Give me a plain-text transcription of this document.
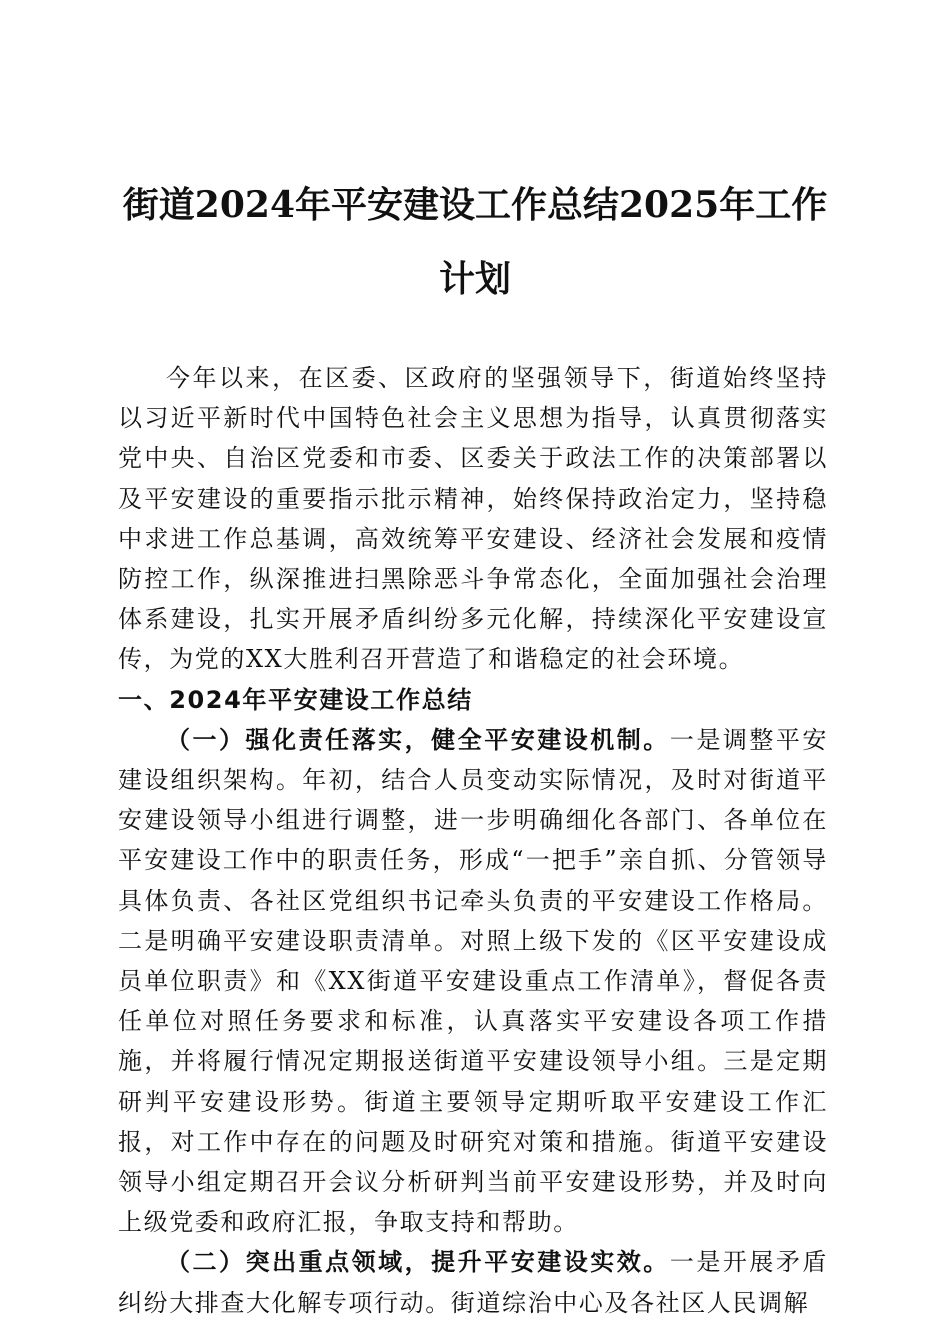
街道2024年平安建设工作总结2025年工作计划

今年以来，在区委、区政府的坚强领导下，街道始终坚持以习近平新时代中国特色社会主义思想为指导，认真贯彻落实党中央、自治区党委和市委、区委关于政法工作的决策部署以及平安建设的重要指示批示精神，始终保持政治定力，坚持稳中求进工作总基调，高效统筹平安建设、经济社会发展和疫情防控工作，纵深推进扫黑除恶斗争常态化，全面加强社会治理体系建设，扎实开展矛盾纠纷多元化解，持续深化平安建设宣传，为党的XX大胜利召开营造了和谐稳定的社会环境。

一、2024年平安建设工作总结

（一）强化责任落实，健全平安建设机制。一是调整平安建设组织架构。年初，结合人员变动实际情况，及时对街道平安建设领导小组进行调整，进一步明确细化各部门、各单位在平安建设工作中的职责任务，形成“一把手”亲自抓、分管领导具体负责、各社区党组织书记牵头负责的平安建设工作格局。二是明确平安建设职责清单。对照上级下发的《区平安建设成员单位职责》和《XX街道平安建设重点工作清单》，督促各责任单位对照任务要求和标准，认真落实平安建设各项工作措施，并将履行情况定期报送街道平安建设领导小组。三是定期研判平安建设形势。街道主要领导定期听取平安建设工作汇报，对工作中存在的问题及时研究对策和措施。街道平安建设领导小组定期召开会议分析研判当前平安建设形势，并及时向上级党委和政府汇报，争取支持和帮助。

（二）突出重点领域，提升平安建设实效。一是开展矛盾纠纷大排查大化解专项行动。街道综治中心及各社区人民调解
